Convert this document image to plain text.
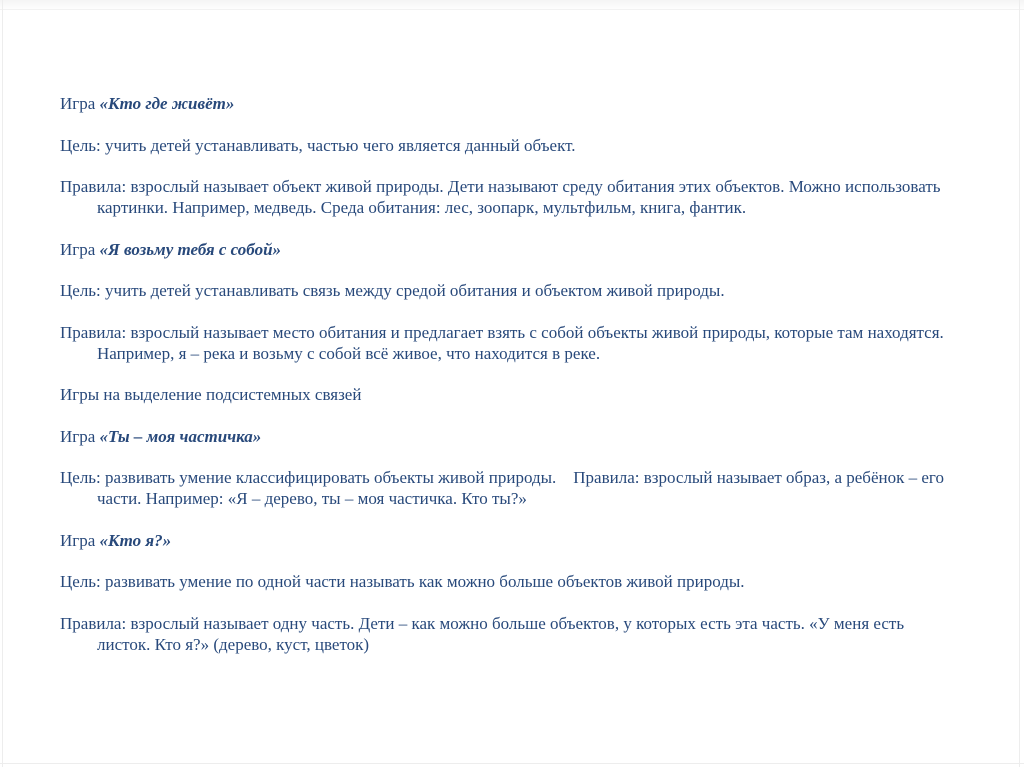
Игра «Кто где живёт»
Цель: учить детей устанавливать, частью чего является данный объект.
Правила: взрослый называет объект живой природы. Дети называют среду обитания этих объектов. Можно использовать
картинки. Например, медведь. Среда обитания: лес, зоопарк, мультфильм, книга, фантик.
Игра «Я возьму тебя с собой»
Цель: учить детей устанавливать связь между средой обитания и объектом живой природы.
Правила: взрослый называет место обитания и предлагает взять с собой объекты живой природы, которые там находятся.
Например, я – река и возьму с собой всё живое, что находится в реке.
Игры на выделение подсистемных связей
Игра «Ты – моя частичка»
Цель: развивать умение классифицировать объекты живой природы.    Правила: взрослый называет образ, а ребёнок – его
части. Например: «Я – дерево, ты – моя частичка. Кто ты?»
Игра «Кто я?»
Цель: развивать умение по одной части называть как можно больше объектов живой природы.
Правила: взрослый называет одну часть. Дети – как можно больше объектов, у которых есть эта часть. «У меня есть
листок. Кто я?» (дерево, куст, цветок)
